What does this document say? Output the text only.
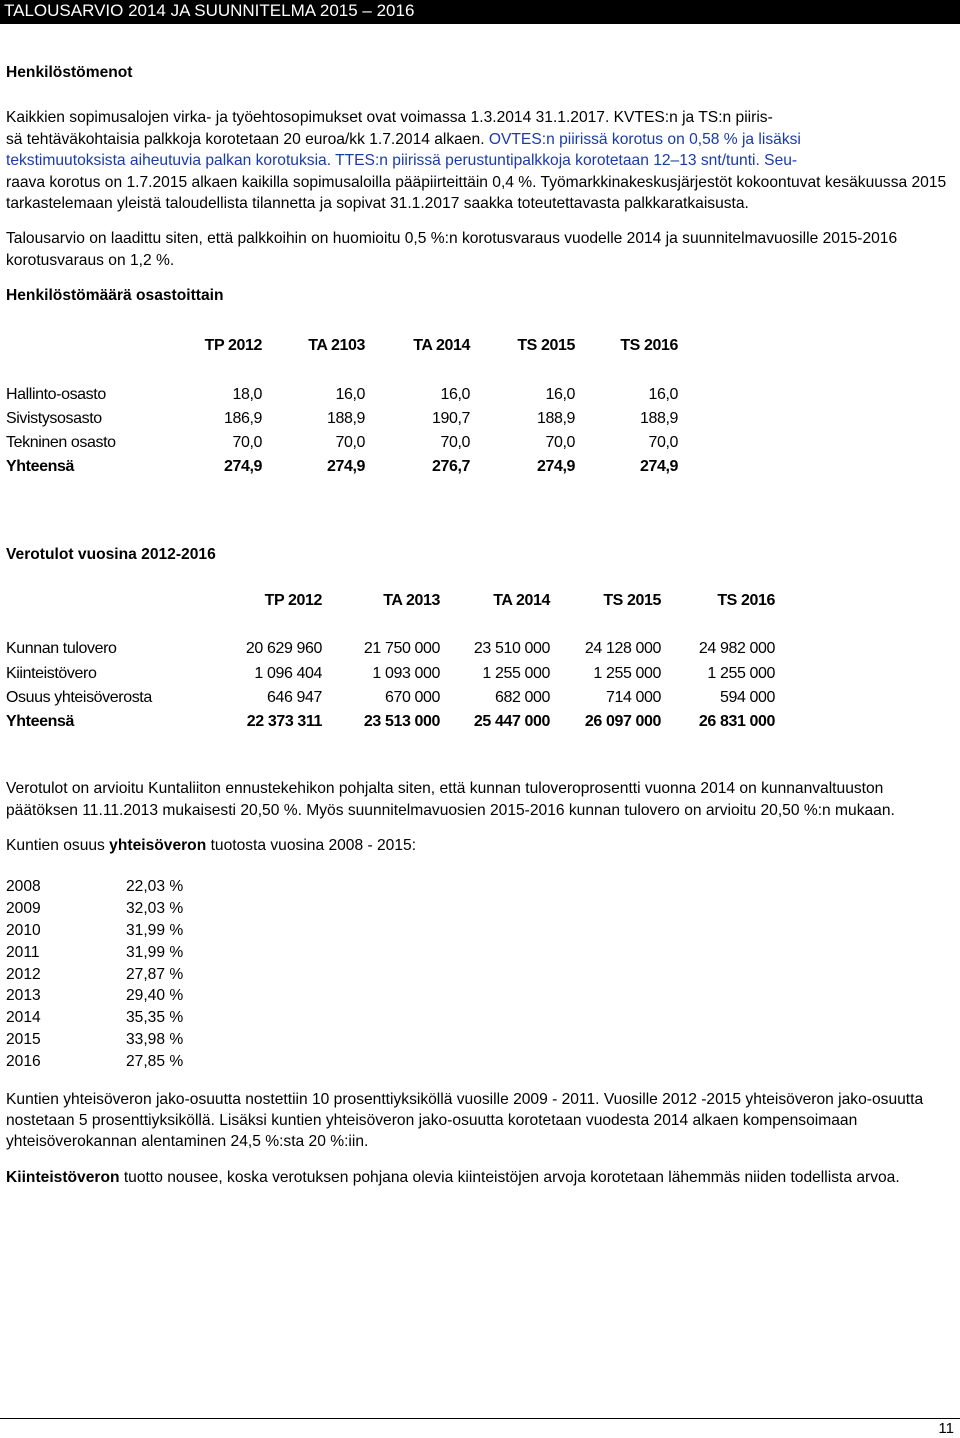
TALOUSARVIO 2014 JA SUUNNITELMA 2015 – 2016

Henkilöstömenot

Kaikkien sopimusalojen virka- ja työehtosopimukset ovat voimassa 1.3.2014 31.1.2017. KVTES:n ja TS:n piiris-
sä tehtäväkohtaisia palkkoja korotetaan 20 euroa/kk 1.7.2014 alkaen. OVTES:n piirissä korotus on 0,58 % ja lisäksi
tekstimuutoksista aiheutuvia palkan korotuksia. TTES:n piirissä perustuntipalkkoja korotetaan 12–13 snt/tunti. Seu-
raava korotus on 1.7.2015 alkaen kaikilla sopimusaloilla pääpiirteittäin 0,4 %. Työmarkkinakeskusjärjestöt kokoontuvat kesäkuussa 2015 tarkastelemaan yleistä taloudellista tilannetta ja sopivat 31.1.2017 saakka toteutettavasta palkkaratkaisusta.

Talousarvio on laadittu siten, että palkkoihin on huomioitu 0,5 %:n korotusvaraus vuodelle 2014 ja suunnitelmavuosille 2015-2016 korotusvaraus on 1,2 %.

Henkilöstömäärä osastoittain

	TP 2012	TA 2103	TA 2014	TS 2015	TS 2016

Hallinto-osasto	18,0	16,0	16,0	16,0	16,0
Sivistysosasto	186,9	188,9	190,7	188,9	188,9
Tekninen osasto	70,0	70,0	70,0	70,0	70,0
Yhteensä	274,9	274,9	276,7	274,9	274,9

Verotulot vuosina 2012-2016

	TP 2012	TA 2013	TA 2014	TS 2015	TS 2016

Kunnan tulovero	20 629 960	21 750 000	23 510 000	24 128 000	24 982 000
Kiinteistövero	1 096 404	1 093 000	1 255 000	1 255 000	1 255 000
Osuus yhteisöverosta	646 947	670 000	682 000	714 000	594 000
Yhteensä	22 373 311	23 513 000	25 447 000	26 097 000	26 831 000

Verotulot on arvioitu Kuntaliiton ennustekehikon pohjalta siten, että kunnan tuloveroprosentti vuonna 2014 on kunnanvaltuuston päätöksen 11.11.2013 mukaisesti 20,50 %. Myös suunnitelmavuosien 2015-2016 kunnan tulovero on arvioitu 20,50 %:n mukaan.

Kuntien osuus yhteisöveron tuotosta vuosina 2008 - 2015:

2008	22,03 %
2009	32,03 %
2010	31,99 %
2011	31,99 %
2012	27,87 %
2013	29,40 %
2014	35,35 %
2015	33,98 %
2016	27,85 %

Kuntien yhteisöveron jako-osuutta nostettiin 10 prosenttiyksiköllä vuosille 2009 - 2011. Vuosille 2012 -2015 yhteisöveron jako-osuutta nostetaan 5 prosenttiyksiköllä. Lisäksi kuntien yhteisöveron jako-osuutta korotetaan vuodesta 2014 alkaen kompensoimaan yhteisöverokannan alentaminen 24,5 %:sta 20 %:iin.

Kiinteistöveron tuotto nousee, koska verotuksen pohjana olevia kiinteistöjen arvoja korotetaan lähemmäs niiden todellista arvoa.

11
